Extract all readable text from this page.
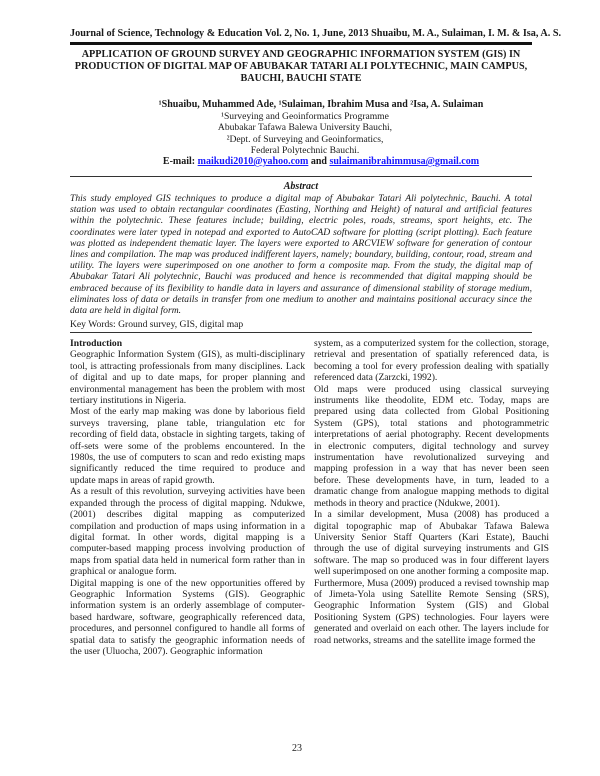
Journal of Science, Technology & Education Vol. 2, No. 1, June, 2013 Shuaibu, M. A., Sulaiman, I. M. & Isa, A. S.
APPLICATION OF GROUND SURVEY AND GEOGRAPHIC INFORMATION SYSTEM (GIS) IN PRODUCTION OF DIGITAL MAP OF ABUBAKAR TATARI ALI POLYTECHNIC, MAIN CAMPUS, BAUCHI, BAUCHI STATE
¹Shuaibu, Muhammed Ade, ¹Sulaiman, Ibrahim Musa and ²Isa, A. Sulaiman
¹Surveying and Geoinformatics Programme
Abubakar Tafawa Balewa University Bauchi,
²Dept. of Surveying and Geoinformatics,
Federal Polytechnic Bauchi.
E-mail: maikudi2010@yahoo.com and sulaimanibrahimmusa@gmail.com
Abstract
This study employed GIS techniques to produce a digital map of Abubakar Tatari Ali polytechnic, Bauchi. A total station was used to obtain rectangular coordinates (Easting, Northing and Height) of natural and artificial features within the polytechnic. These features include; building, electric poles, roads, streams, sport heights, etc. The coordinates were later typed in notepad and exported to AutoCAD software for plotting (script plotting). Each feature was plotted as independent thematic layer. The layers were exported to ARCVIEW software for generation of contour lines and compilation. The map was produced indifferent layers, namely; boundary, building, contour, road, stream and utility. The layers were superimposed on one another to form a composite map. From the study, the digital map of Abubakar Tatari Ali polytechnic, Bauchi was produced and hence is recommended that digital mapping should be embraced because of its flexibility to handle data in layers and assurance of dimensional stability of storage medium, eliminates loss of data or details in transfer from one medium to another and maintains positional accuracy since the data are held in digital form.
Key Words: Ground survey, GIS, digital map

Introduction

Geographic Information System (GIS), as multi-disciplinary tool, is attracting professionals from many disciplines. Lack of digital and up to date maps, for proper planning and environmental management has been the problem with most tertiary institutions in Nigeria.

Most of the early map making was done by laborious field surveys traversing, plane table, triangulation etc for recording of field data, obstacle in sighting targets, taking of off-sets were some of the problems encountered. In the 1980s, the use of computers to scan and redo existing maps significantly reduced the time required to produce and update maps in areas of rapid growth.

As a result of this revolution, surveying activities have been expanded through the process of digital mapping. Ndukwe, (2001) describes digital mapping as computerized compilation and production of maps using information in a digital format. In other words, digital mapping is a computer-based mapping process involving production of maps from spatial data held in numerical form rather than in graphical or analogue form.

Digital mapping is one of the new opportunities offered by Geographic Information Systems (GIS). Geographic information system is an orderly assemblage of computer-based hardware, software, geographically referenced data, procedures, and personnel configured to handle all forms of spatial data to satisfy the geographic information needs of the user (Uluocha, 2007). Geographic information

system, as a computerized system for the collection, storage, retrieval and presentation of spatially referenced data, is becoming a tool for every profession dealing with spatially referenced data (Zarzcki, 1992).

Old maps were produced using classical surveying instruments like theodolite, EDM etc. Today, maps are prepared using data collected from Global Positioning System (GPS), total stations and photogrammetric interpretations of aerial photography. Recent developments in electronic computers, digital technology and survey instrumentation have revolutionalized surveying and mapping profession in a way that has never been seen before. These developments have, in turn, leaded to a dramatic change from analogue mapping methods to digital methods in theory and practice (Ndukwe, 2001).

In a similar development, Musa (2008) has produced a digital topographic map of Abubakar Tafawa Balewa University Senior Staff Quarters (Kari Estate), Bauchi through the use of digital surveying instruments and GIS software. The map so produced was in four different layers well superimposed on one another forming a composite map.

Furthermore, Musa (2009) produced a revised township map of Jimeta-Yola using Satellite Remote Sensing (SRS), Geographic Information System (GIS) and Global Positioning System (GPS) technologies. Four layers were generated and overlaid on each other. The layers include for road networks, streams and the satellite image formed the

23
